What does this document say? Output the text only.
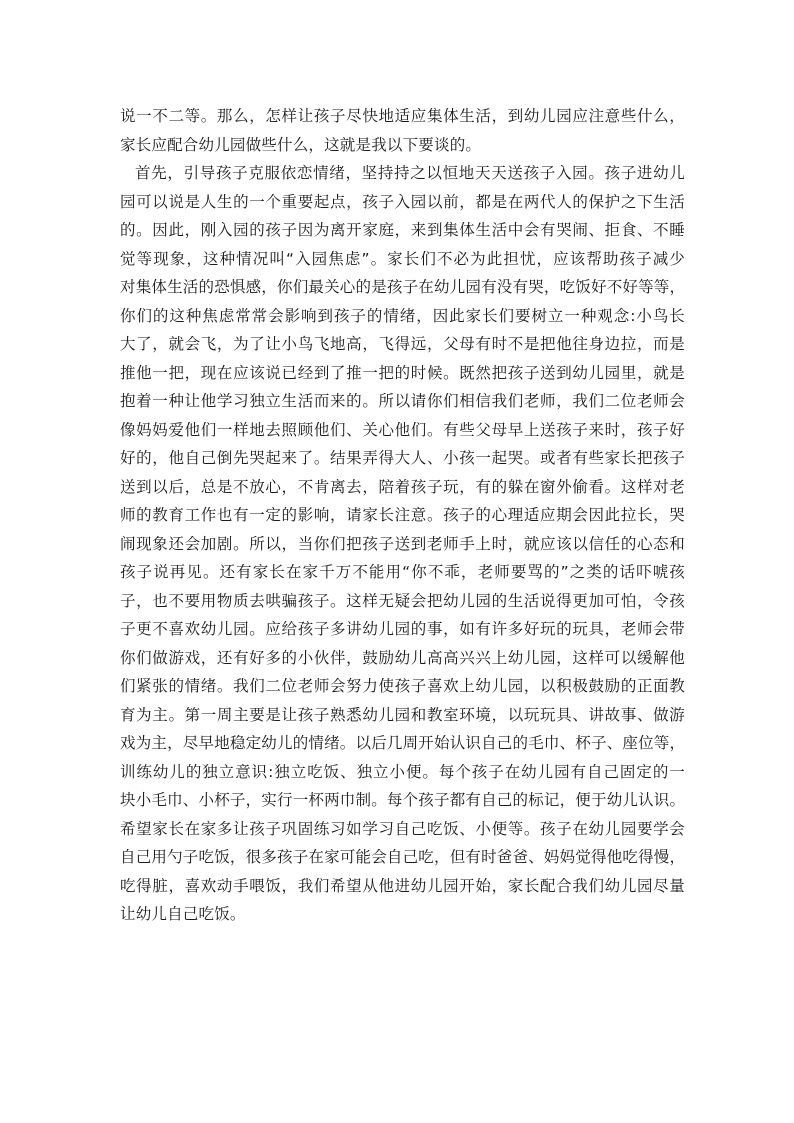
说一不二等。那么，怎样让孩子尽快地适应集体生活，到幼儿园应注意些什么，
家长应配合幼儿园做些什么，这就是我以下要谈的。
首先，引导孩子克服依恋情绪，坚持持之以恒地天天送孩子入园。孩子进幼儿
园可以说是人生的一个重要起点，孩子入园以前，都是在两代人的保护之下生活
的。因此，刚入园的孩子因为离开家庭，来到集体生活中会有哭闹、拒食、不睡
觉等现象，这种情况叫“入园焦虑”。家长们不必为此担忧，应该帮助孩子减少
对集体生活的恐惧感，你们最关心的是孩子在幼儿园有没有哭，吃饭好不好等等，
你们的这种焦虑常常会影响到孩子的情绪，因此家长们要树立一种观念:小鸟长
大了，就会飞，为了让小鸟飞地高，飞得远，父母有时不是把他往身边拉，而是
推他一把，现在应该说已经到了推一把的时候。既然把孩子送到幼儿园里，就是
抱着一种让他学习独立生活而来的。所以请你们相信我们老师，我们二位老师会
像妈妈爱他们一样地去照顾他们、关心他们。有些父母早上送孩子来时，孩子好
好的，他自己倒先哭起来了。结果弄得大人、小孩一起哭。或者有些家长把孩子
送到以后，总是不放心，不肯离去，陪着孩子玩，有的躲在窗外偷看。这样对老
师的教育工作也有一定的影响，请家长注意。孩子的心理适应期会因此拉长，哭
闹现象还会加剧。所以，当你们把孩子送到老师手上时，就应该以信任的心态和
孩子说再见。还有家长在家千万不能用“你不乖，老师要骂的”之类的话吓唬孩
子，也不要用物质去哄骗孩子。这样无疑会把幼儿园的生活说得更加可怕，令孩
子更不喜欢幼儿园。应给孩子多讲幼儿园的事，如有许多好玩的玩具，老师会带
你们做游戏，还有好多的小伙伴，鼓励幼儿高高兴兴上幼儿园，这样可以缓解他
们紧张的情绪。我们二位老师会努力使孩子喜欢上幼儿园，以积极鼓励的正面教
育为主。第一周主要是让孩子熟悉幼儿园和教室环境，以玩玩具、讲故事、做游
戏为主，尽早地稳定幼儿的情绪。以后几周开始认识自己的毛巾、杯子、座位等，
训练幼儿的独立意识:独立吃饭、独立小便。每个孩子在幼儿园有自己固定的一
块小毛巾、小杯子，实行一杯两巾制。每个孩子都有自己的标记，便于幼儿认识。
希望家长在家多让孩子巩固练习如学习自己吃饭、小便等。孩子在幼儿园要学会
自己用勺子吃饭，很多孩子在家可能会自己吃，但有时爸爸、妈妈觉得他吃得慢，
吃得脏，喜欢动手喂饭，我们希望从他进幼儿园开始，家长配合我们幼儿园尽量
让幼儿自己吃饭。
